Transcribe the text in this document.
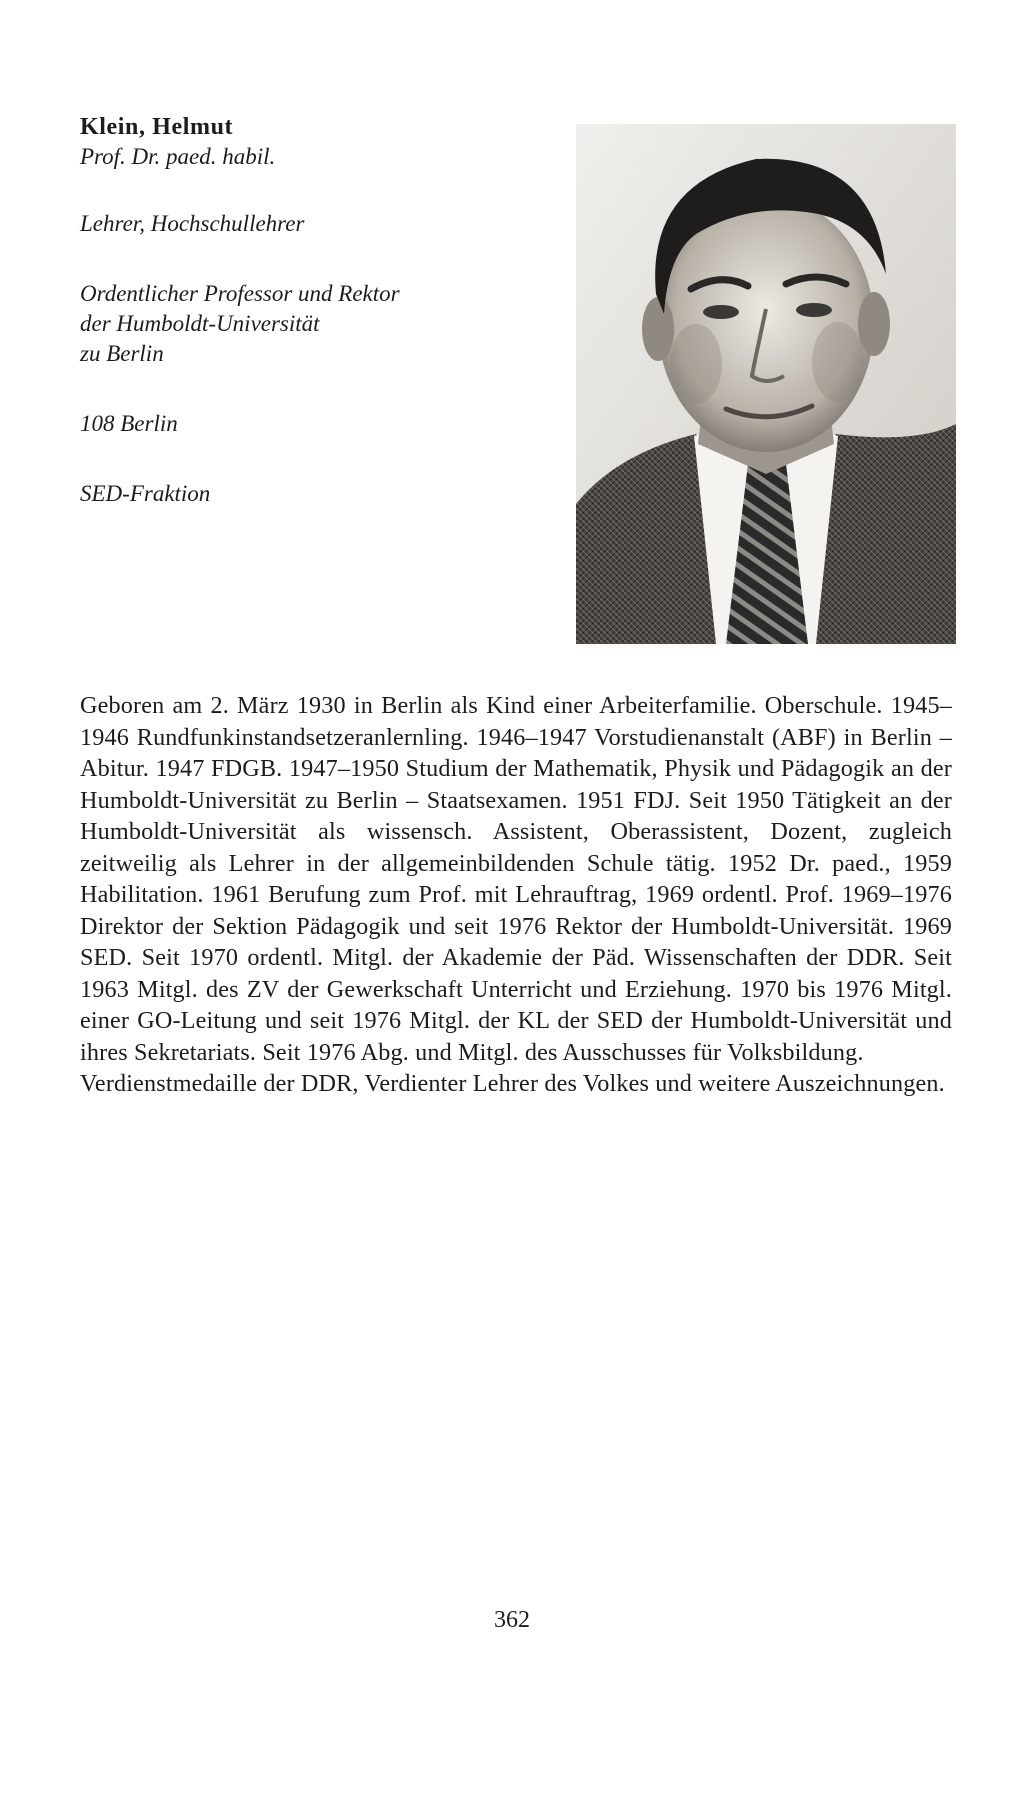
Klein, Helmut

Prof. Dr. paed. habil.

Lehrer, Hochschullehrer

Ordentlicher Professor und Rektor

der Humboldt-Universität

zu Berlin

108 Berlin

SED-Fraktion

Geboren am 2. März 1930 in Berlin als Kind einer Arbeiterfamilie. Oberschule. 1945–1946 Rundfunkinstandsetzeranlernling. 1946–1947 Vorstudienanstalt (ABF) in Berlin – Abitur. 1947 FDGB. 1947–1950 Studium der Mathematik, Physik und Pädagogik an der Humboldt-Universität zu Berlin – Staatsexamen. 1951 FDJ. Seit 1950 Tätigkeit an der Humboldt-Universität als wissensch. Assistent, Oberassistent, Dozent, zugleich zeitweilig als Lehrer in der allgemeinbildenden Schule tätig. 1952 Dr. paed., 1959 Habilitation. 1961 Berufung zum Prof. mit Lehrauftrag, 1969 ordentl. Prof. 1969–1976 Direktor der Sektion Pädagogik und seit 1976 Rektor der Humboldt-Universität. 1969 SED. Seit 1970 ordentl. Mitgl. der Akademie der Päd. Wissenschaften der DDR. Seit 1963 Mitgl. des ZV der Gewerkschaft Unterricht und Erziehung. 1970 bis 1976 Mitgl. einer GO-Leitung und seit 1976 Mitgl. der KL der SED der Humboldt-Universität und ihres Sekretariats. Seit 1976 Abg. und Mitgl. des Ausschusses für Volksbildung.

Verdienstmedaille der DDR, Verdienter Lehrer des Volkes und weitere Auszeichnungen.

362
